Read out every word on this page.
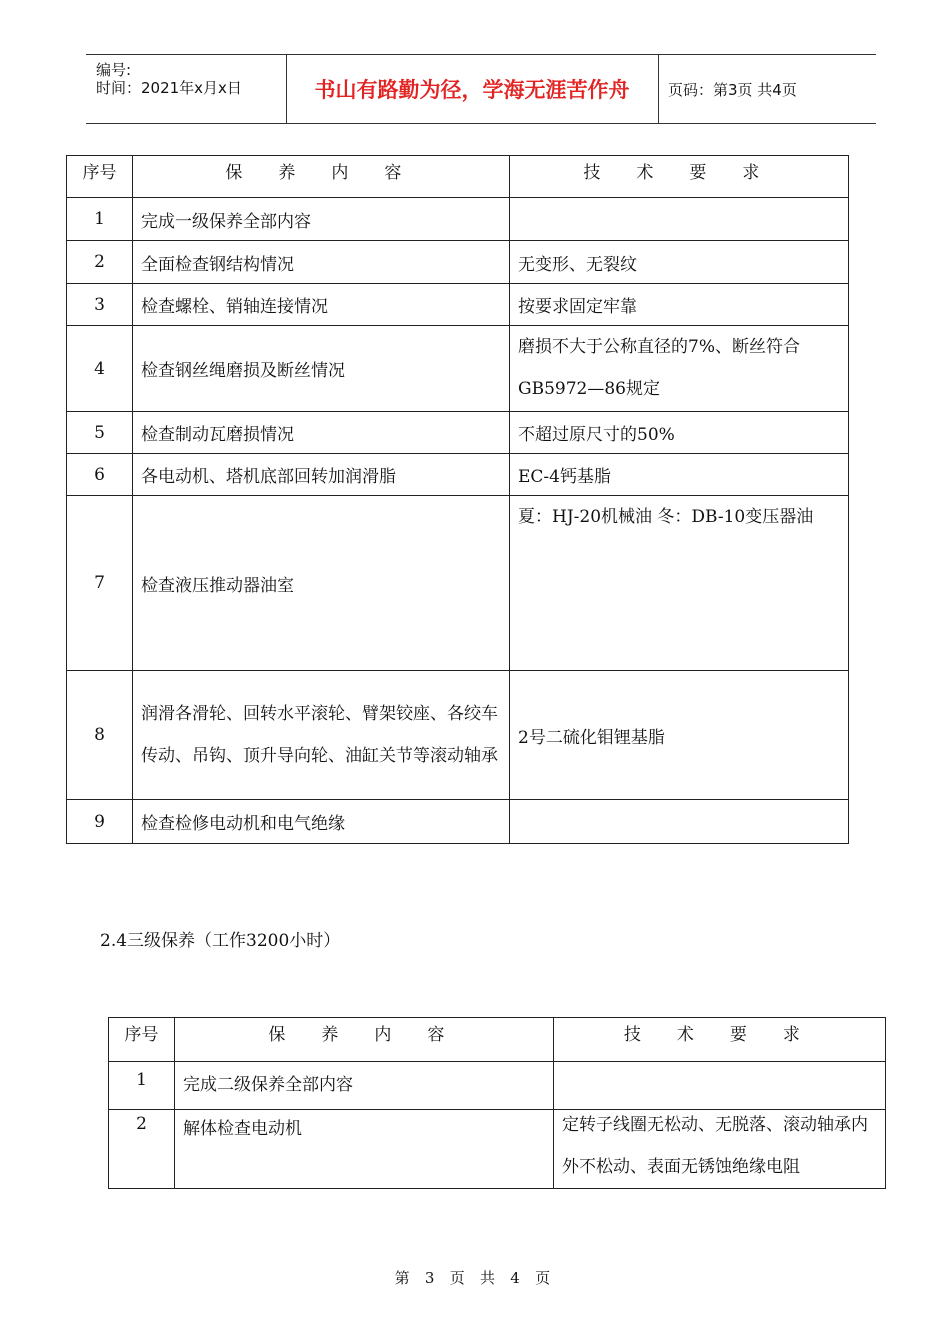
编号:
时间：2021年x月x日	书山有路勤为径，学海无涯苦作舟	页码：第3页 共4页
序号	保 养 内 容	技 术 要 求
1	完成一级保养全部内容	
2	全面检查钢结构情况	无变形、无裂纹
3	检查螺栓、销轴连接情况	按要求固定牢靠
4	检查钢丝绳磨损及断丝情况	磨损不大于公称直径的7%、断丝符合GB5972—86规定

5	检查制动瓦磨损情况	不超过原尺寸的50%
6	各电动机、塔机底部回转加润滑脂	EC-4钙基脂
7	检查液压推动器油室	夏：HJ-20机械油 冬：DB-10变压器油

8	润滑各滑轮、回转水平滚轮、臂架铰座、各绞车传动、吊钩、顶升导向轮、油缸关节等滚动轴承	2号二硫化钼锂基脂
9	检查检修电动机和电气绝缘	
2.4三级保养（工作3200小时）
序号	保 养 内 容	技 术 要 求
1	完成二级保养全部内容	
2	解体检查电动机	定转子线圈无松动、无脱落、滚动轴承内外不松动、表面无锈蚀绝缘电阻
第 3 页 共 4 页
